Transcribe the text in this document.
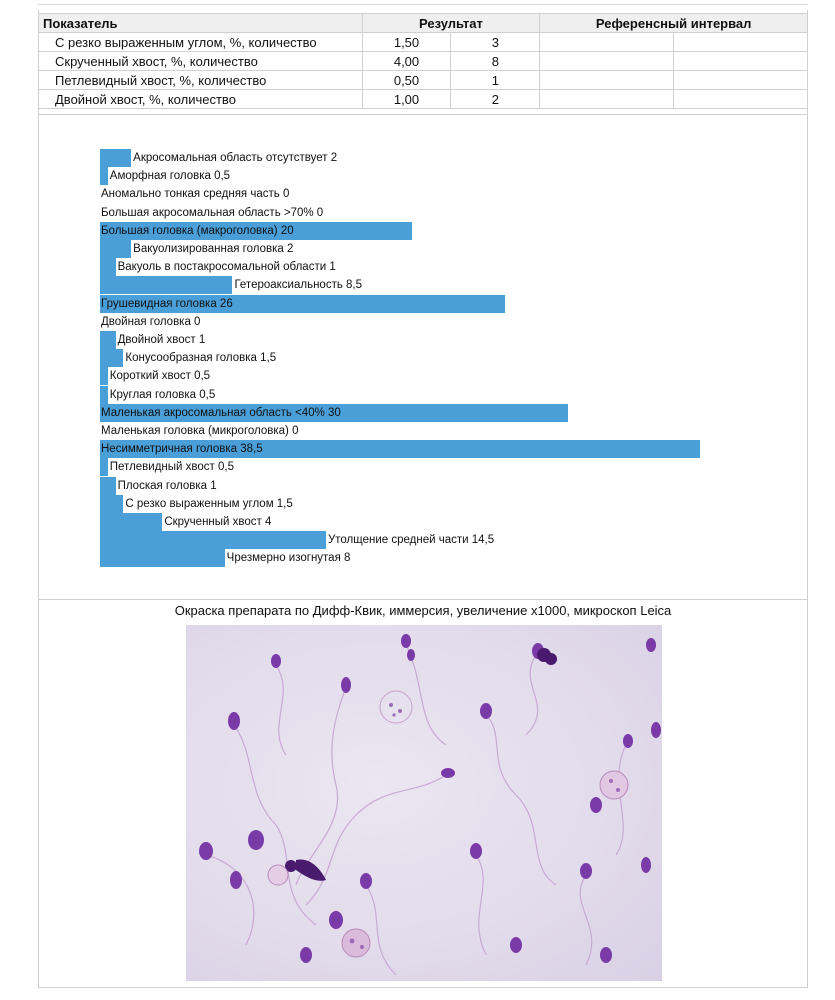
Показатель	Результат		Референсный интервал	
С резко выраженным углом, %, количество	1,50	3		
Скрученный хвост, %, количество	4,00	8		
Петлевидный хвост, %, количество	0,50	1		
Двойной хвост, %, количество	1,00	2		
Акросомальная область отсутствует 2
Аморфная головка 0,5
Аномально тонкая средняя часть 0
Большая акросомальная область >70% 0
Большая головка (макроголовка) 20
Вакуолизированная головка 2
Вакуоль в постакросомальной области 1
Гетероаксиальность 8,5
Грушевидная головка 26
Двойная головка 0
Двойной хвост 1
Конусообразная головка 1,5
Короткий хвост 0,5
Круглая головка 0,5
Маленькая акросомальная область <40% 30
Маленькая головка (микроголовка) 0
Несимметричная головка 38,5
Петлевидный хвост 0,5
Плоская головка 1
С резко выраженным углом 1,5
Скрученный хвост 4
Утолщение средней части 14,5
Чрезмерно изогнутая 8
Окраска препарата по Дифф-Квик, иммерсия, увеличение х1000, микроскоп Leica
